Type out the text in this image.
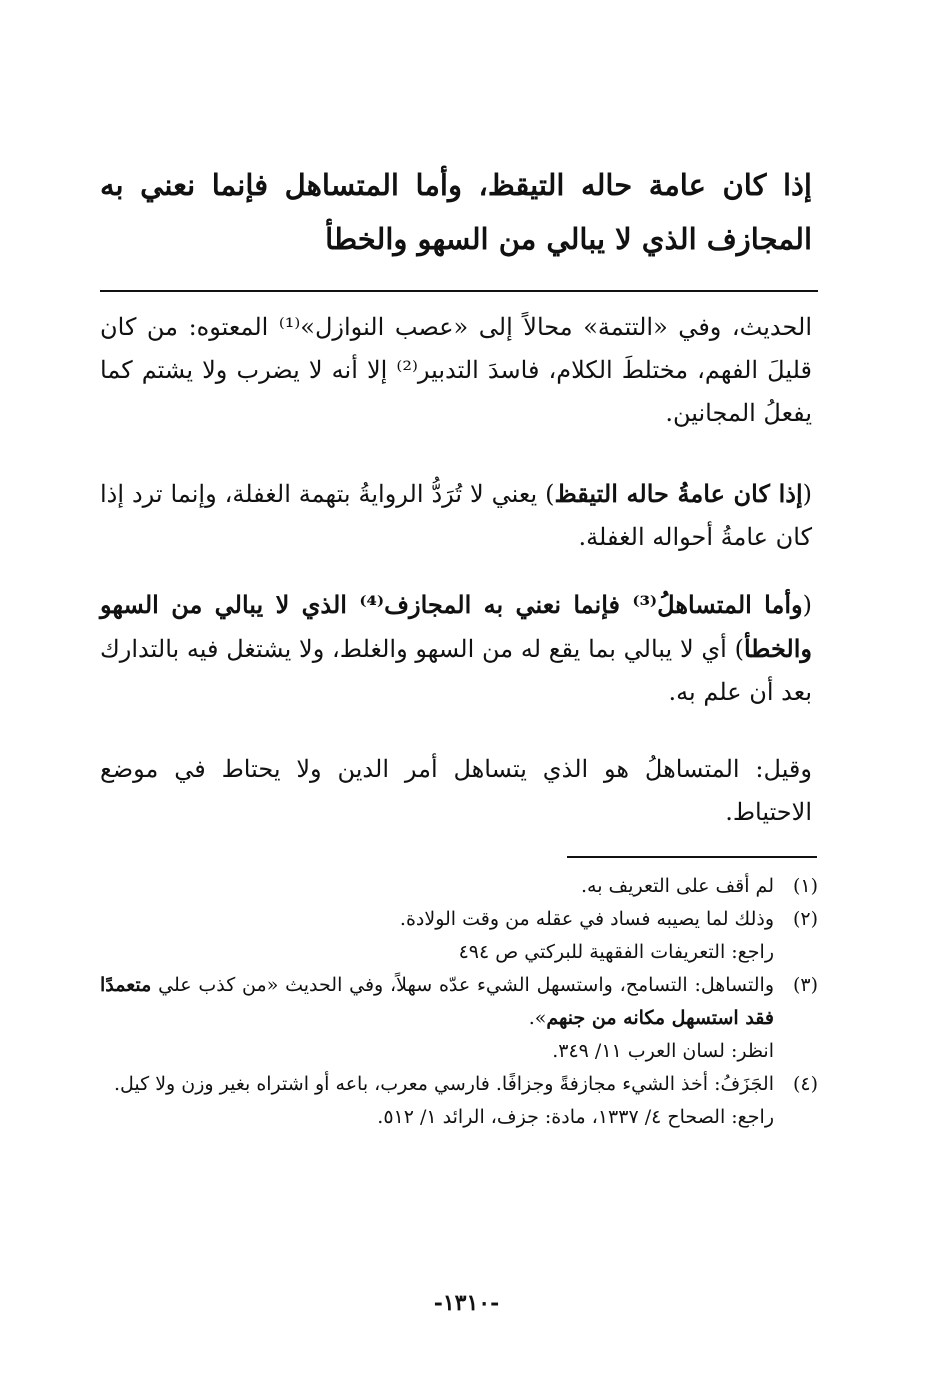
إذا كان عامة حاله التيقظ، وأما المتساهل فإنما نعني به المجازف الذي لا يبالي من السهو والخطأ

الحديث، وفي «التتمة» محالاً إلى «عصب النوازل»⁽¹⁾ المعتوه: من كان قليلَ الفهم، مختلطَ الكلام، فاسدَ التدبير⁽²⁾ إلا أنه لا يضرب ولا يشتم كما يفعلُ المجانين.

(إذا كان عامةُ حاله التيقظ) يعني لا تُرَدُّ الروايةُ بتهمة الغفلة، وإنما ترد إذا كان عامةُ أحواله الغفلة.

(وأما المتساهلُ⁽³⁾ فإنما نعني به المجازف⁽⁴⁾ الذي لا يبالي من السهو والخطأ) أي لا يبالي بما يقع له من السهو والغلط، ولا يشتغل فيه بالتدارك بعد أن علم به.

وقيل: المتساهلُ هو الذي يتساهل أمر الدين ولا يحتاط في موضع الاحتياط.

(١)
لم أقف على التعريف به.
(٢)
وذلك لما يصيبه فساد في عقله من وقت الولادة.
راجع: التعريفات الفقهية للبركتي ص ٤٩٤
(٣)
والتساهل: التسامح، واستسهل الشيء عدّه سهلاً، وفي الحديث «من كذب علي متعمدًا فقد استسهل مكانه من جنهم».
انظر: لسان العرب ١١/ ٣٤٩.
(٤)
الجَزَفُ: أخذ الشيء مجازفةً وجزافًا. فارسي معرب، باعه أو اشتراه بغير وزن ولا كيل.
راجع: الصحاح ٤/ ١٣٣٧، مادة: جزف، الرائد ١/ ٥١٢.
-١٣١٠-
